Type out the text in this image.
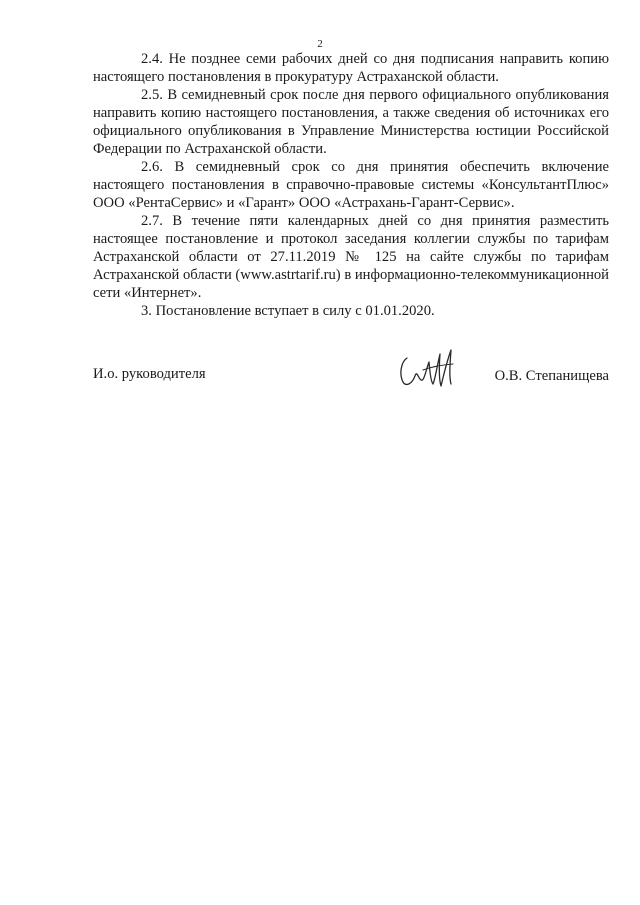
2

2.4. Не позднее семи рабочих дней со дня подписания направить копию настоящего постановления в прокуратуру Астраханской области.

2.5. В семидневный срок после дня первого официального опубликования направить копию настоящего постановления, а также сведения об источниках его официального опубликования в Управление Министерства юстиции Российской Федерации по Астраханской области.

2.6. В семидневный срок со дня принятия обеспечить включение настоящего постановления в справочно-правовые системы «КонсультантПлюс» ООО «РентаСервис» и «Гарант» ООО «Астрахань-Гарант-Сервис».

2.7. В течение пяти календарных дней со дня принятия разместить настоящее постановление и протокол заседания коллегии службы по тарифам Астраханской области от 27.11.2019 № 125 на сайте службы по тарифам Астраханской области (www.astrtarif.ru) в информационно-телекоммуникационной сети «Интернет».

3. Постановление вступает в силу с 01.01.2020.

И.о. руководителя	О.В. Степанищева
